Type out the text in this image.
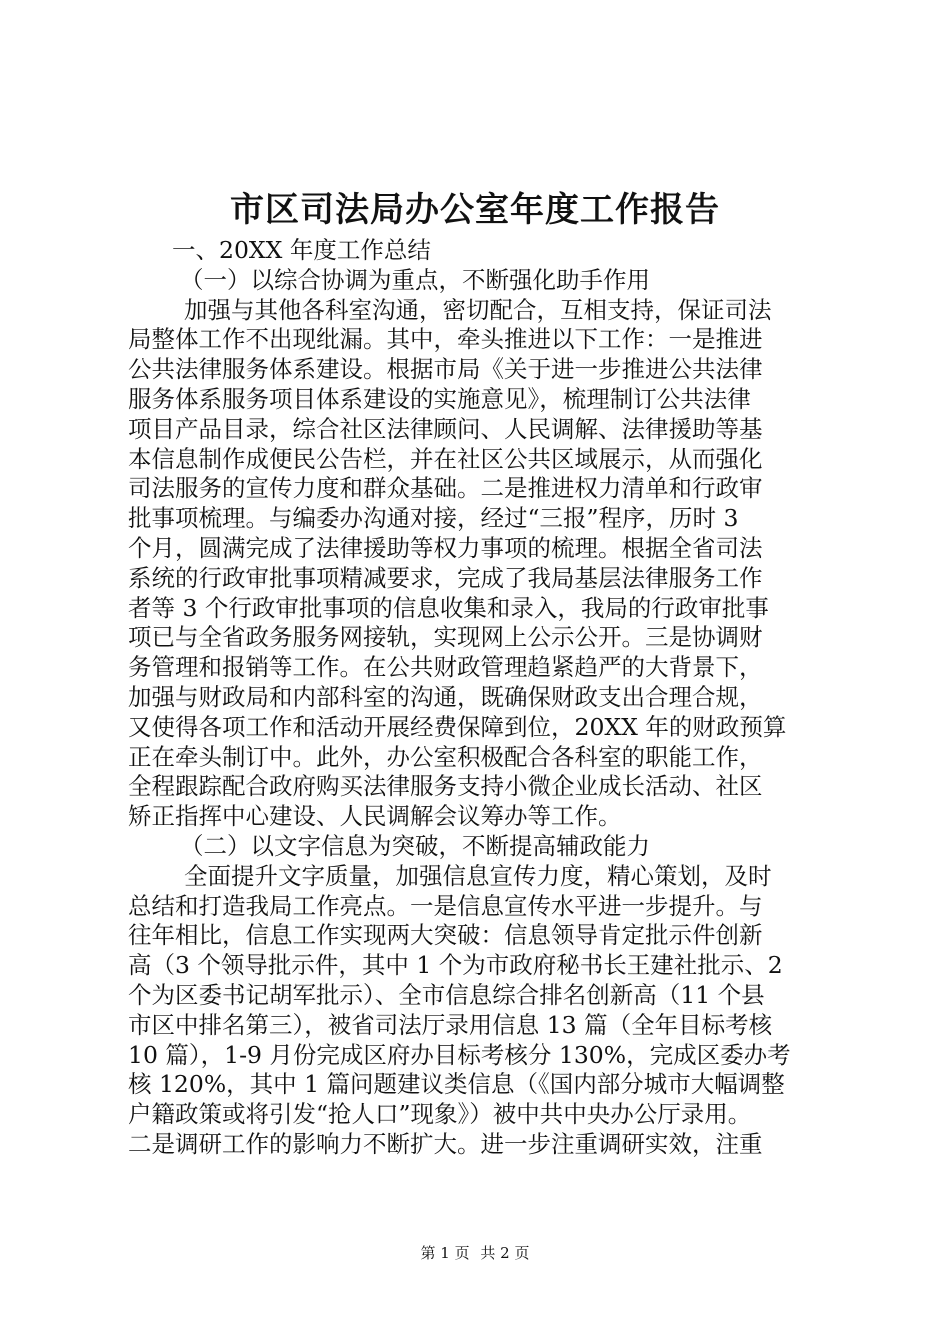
市区司法局办公室年度工作报告
一、20XX 年度工作总结
（一）以综合协调为重点，不断强化助手作用
加强与其他各科室沟通，密切配合，互相支持，保证司法
局整体工作不出现纰漏。其中，牵头推进以下工作：一是推进
公共法律服务体系建设。根据市局《关于进一步推进公共法律
服务体系服务项目体系建设的实施意见》，梳理制订公共法律
项目产品目录，综合社区法律顾问、人民调解、法律援助等基
本信息制作成便民公告栏，并在社区公共区域展示，从而强化
司法服务的宣传力度和群众基础。二是推进权力清单和行政审
批事项梳理。与编委办沟通对接，经过“三报”程序，历时 3
个月，圆满完成了法律援助等权力事项的梳理。根据全省司法
系统的行政审批事项精减要求，完成了我局基层法律服务工作
者等 3 个行政审批事项的信息收集和录入，我局的行政审批事
项已与全省政务服务网接轨，实现网上公示公开。三是协调财
务管理和报销等工作。在公共财政管理趋紧趋严的大背景下，
加强与财政局和内部科室的沟通，既确保财政支出合理合规，
又使得各项工作和活动开展经费保障到位，20XX 年的财政预算
正在牵头制订中。此外，办公室积极配合各科室的职能工作，
全程跟踪配合政府购买法律服务支持小微企业成长活动、社区
矫正指挥中心建设、人民调解会议筹办等工作。
（二）以文字信息为突破，不断提高辅政能力
全面提升文字质量，加强信息宣传力度，精心策划，及时
总结和打造我局工作亮点。一是信息宣传水平进一步提升。与
往年相比，信息工作实现两大突破：信息领导肯定批示件创新
高（3 个领导批示件，其中 1 个为市政府秘书长王建社批示、2
个为区委书记胡军批示）、全市信息综合排名创新高（11 个县
市区中排名第三），被省司法厅录用信息 13 篇（全年目标考核
10 篇），1-9 月份完成区府办目标考核分 130%，完成区委办考
核 120%，其中 1 篇问题建议类信息（《国内部分城市大幅调整
户籍政策或将引发“抢人口”现象》）被中共中央办公厅录用。
二是调研工作的影响力不断扩大。进一步注重调研实效，注重
第 1 页 共 2 页
